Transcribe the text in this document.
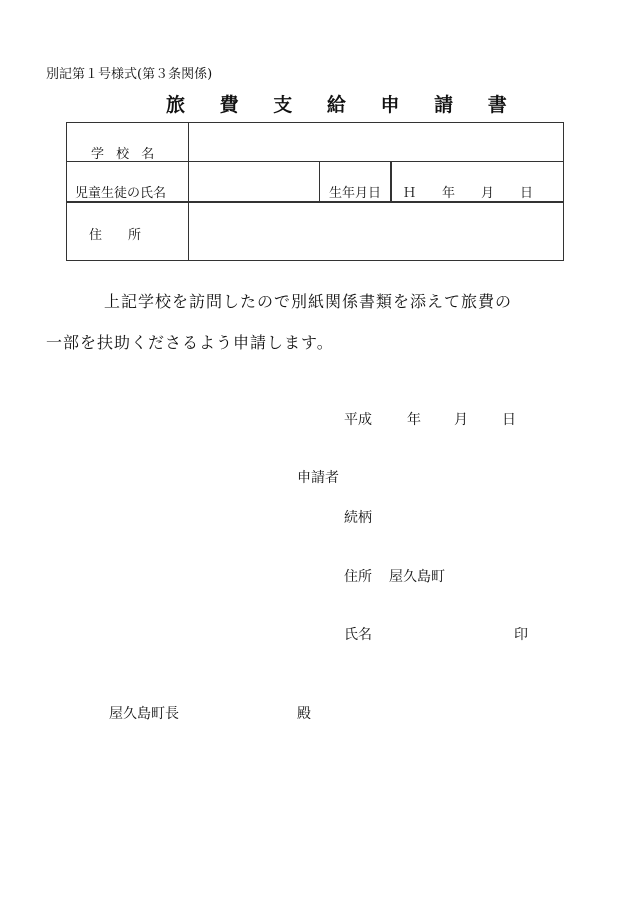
別記第１号様式(第３条関係)
旅 費 支 給 申 請 書
学 校 名
児童生徒の氏名	生年月日 Ｈ　　年　　月　　日
住　　所
上記学校を訪問したので別紙関係書類を添えて旅費の
一部を扶助くださるよう申請します。
平成	年 月 日
申請者
続柄
住所 屋久島町
氏名	印
屋久島町長	殿
